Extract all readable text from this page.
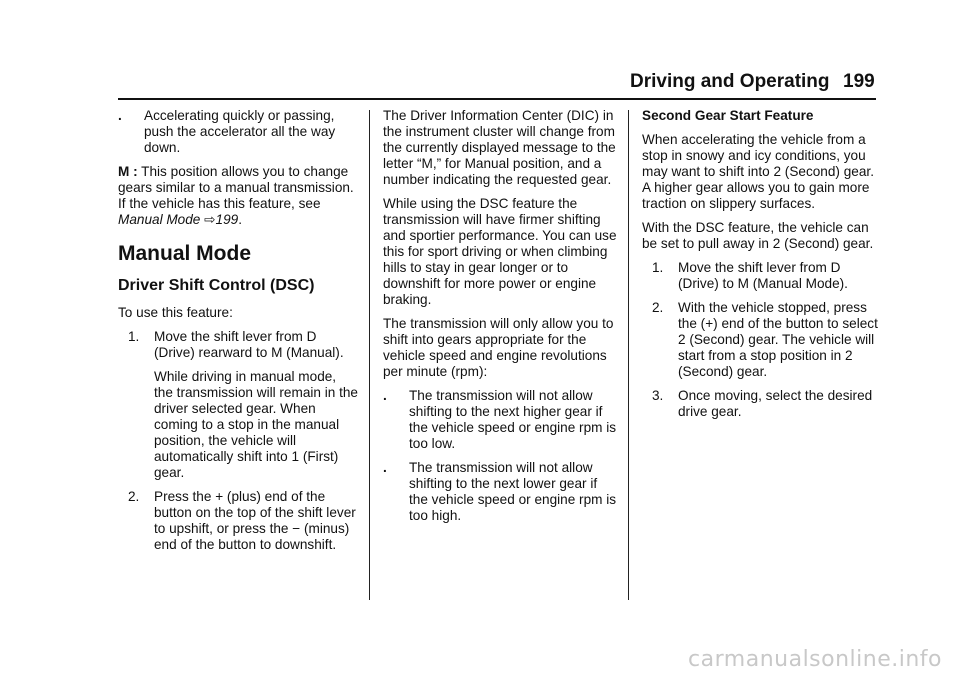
Driving and Operating 199
.	Accelerating quickly or passing, push the accelerator all the way down.

M : This position allows you to change gears similar to a manual transmission. If the vehicle has this feature, see Manual Mode ⇨199.

Manual Mode
Driver Shift Control (DSC)

To use this feature:

1.	Move the shift lever from D (Drive) rearward to M (Manual).

While driving in manual mode, the transmission will remain in the driver selected gear. When coming to a stop in the manual position, the vehicle will automatically shift into 1 (First) gear.

2.	Press the + (plus) end of the button on the top of the shift lever to upshift, or press the − (minus) end of the button to downshift.

The Driver Information Center (DIC) in the instrument cluster will change from the currently displayed message to the letter “M,” for Manual position, and a number indicating the requested gear.

While using the DSC feature the transmission will have firmer shifting and sportier performance. You can use this for sport driving or when climbing hills to stay in gear longer or to downshift for more power or engine braking.

The transmission will only allow you to shift into gears appropriate for the vehicle speed and engine revolutions per minute (rpm):

.	The transmission will not allow shifting to the next higher gear if the vehicle speed or engine rpm is too low.
.	The transmission will not allow shifting to the next lower gear if the vehicle speed or engine rpm is too high.

Second Gear Start Feature

When accelerating the vehicle from a stop in snowy and icy conditions, you may want to shift into 2 (Second) gear. A higher gear allows you to gain more traction on slippery surfaces.

With the DSC feature, the vehicle can be set to pull away in 2 (Second) gear.

1.	Move the shift lever from D (Drive) to M (Manual Mode).
2.	With the vehicle stopped, press the (+) end of the button to select 2 (Second) gear. The vehicle will start from a stop position in 2 (Second) gear.
3.	Once moving, select the desired drive gear.
carmanualsonline.info
